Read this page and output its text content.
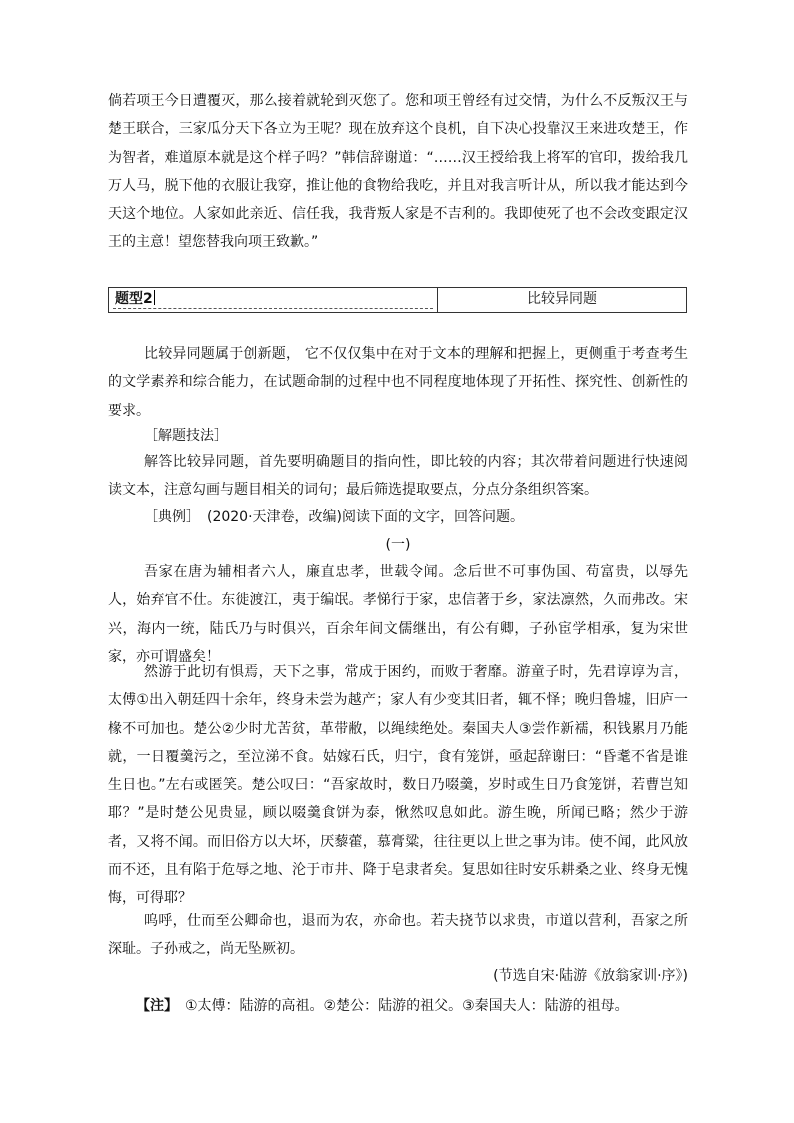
倘若项王今日遭覆灭，那么接着就轮到灭您了。您和项王曾经有过交情，为什么不反叛汉王与楚王联合，三家瓜分天下各立为王呢？现在放弃这个良机，自下决心投靠汉王来进攻楚王，作为智者，难道原本就是这个样子吗？”韩信辞谢道：“……汉王授给我上将军的官印，拨给我几万人马，脱下他的衣服让我穿，推让他的食物给我吃，并且对我言听计从，所以我才能达到今天这个地位。人家如此亲近、信任我，我背叛人家是不吉利的。我即使死了也不会改变跟定汉王的主意！望您替我向项王致歉。”

题型2	比较异同题

比较异同题属于创新题， 它不仅仅集中在对于文本的理解和把握上，更侧重于考查考生的文学素养和综合能力，在试题命制的过程中也不同程度地体现了开拓性、探究性、创新性的要求。

［解题技法］

解答比较异同题，首先要明确题目的指向性，即比较的内容；其次带着问题进行快速阅读文本，注意勾画与题目相关的词句；最后筛选提取要点，分点分条组织答案。

［典例］　(2020·天津卷，改编)阅读下面的文字，回答问题。
(一)

吾家在唐为辅相者六人，廉直忠孝，世载令闻。念后世不可事伪国、苟富贵，以辱先人，始弃官不仕。东徙渡江，夷于编氓。孝悌行于家，忠信著于乡，家法凛然，久而弗改。宋兴，海内一统，陆氏乃与时俱兴，百余年间文儒继出，有公有卿，子孙宦学相承，复为宋世家，亦可谓盛矣！

然游于此切有惧焉，天下之事，常成于困约，而败于奢靡。游童子时，先君谆谆为言，太傅①出入朝廷四十余年，终身未尝为越产；家人有少变其旧者，辄不怿；晚归鲁墟，旧庐一椽不可加也。楚公②少时尤苦贫，革带敝，以绳续绝处。秦国夫人③尝作新襦，积钱累月乃能就，一日覆羹污之，至泣涕不食。姑嫁石氏，归宁，食有笼饼，亟起辞谢曰：“昏耄不省是谁生日也。”左右或匿笑。楚公叹曰：“吾家故时，数日乃啜羹，岁时或生日乃食笼饼，若曹岂知耶？”是时楚公见贵显，顾以啜羹食饼为泰，愀然叹息如此。游生晚，所闻已略；然少于游者，又将不闻。而旧俗方以大坏，厌藜藿，慕膏粱，往往更以上世之事为讳。使不闻，此风放而不还，且有陷于危辱之地、沦于市井、降于皂隶者矣。复思如往时安乐耕桑之业、终身无愧悔，可得耶？

呜呼，仕而至公卿命也，退而为农，亦命也。若夫挠节以求贵，市道以营利，吾家之所深耻。子孙戒之，尚无坠厥初。

(节选自宋·陆游《放翁家训·序》)
【注】　 ①太傅：陆游的高祖。②楚公：陆游的祖父。③秦国夫人：陆游的祖母。
